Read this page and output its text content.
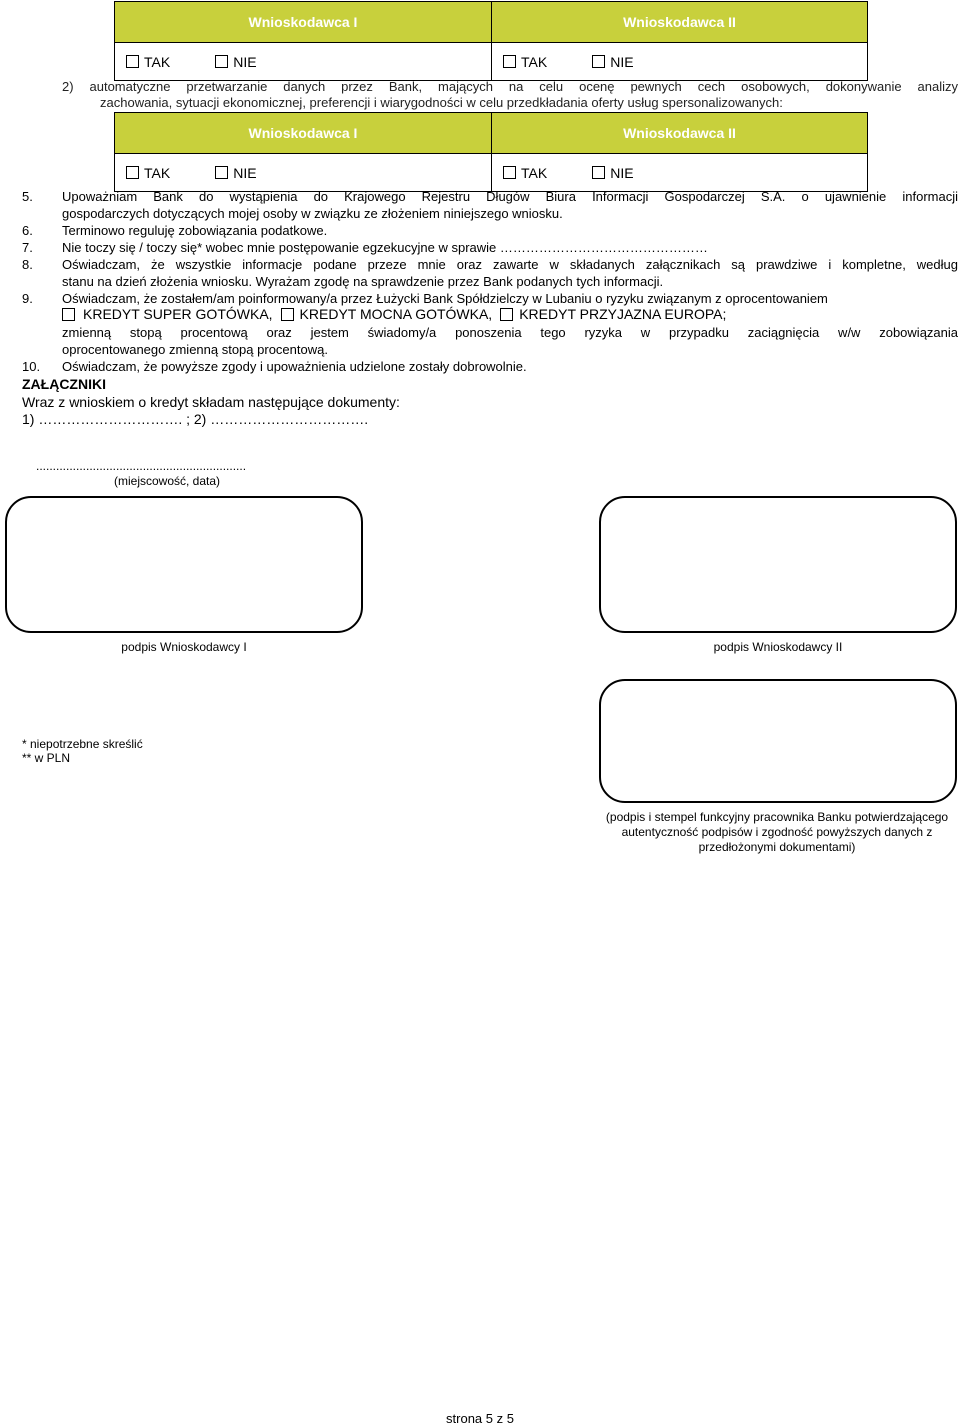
Wnioskodawca I	Wnioskodawca II
TAK	NIE	TAK	NIE
2) automatyczne przetwarzanie danych przez Bank, mających na celu ocenę pewnych cech osobowych, dokonywanie analizy
zachowania, sytuacji ekonomicznej, preferencji i wiarygodności w celu przedkładania oferty usług spersonalizowanych:
Wnioskodawca I	Wnioskodawca II
TAK	NIE	TAK	NIE
5. Upoważniam Bank do wystąpienia do Krajowego Rejestru Długów Biura Informacji Gospodarczej S.A. o ujawnienie informacji
gospodarczych dotyczących mojej osoby w związku ze złożeniem niniejszego wniosku.
6. Terminowo reguluję zobowiązania podatkowe.
7. Nie toczy się / toczy się* wobec mnie postępowanie egzekucyjne w sprawie …………………………………………
8. Oświadczam, że wszystkie informacje podane przeze mnie oraz zawarte w składanych załącznikach są prawdziwe i kompletne, według
stanu na dzień złożenia wniosku. Wyrażam zgodę na sprawdzenie przez Bank podanych tych informacji.
9. Oświadczam, że zostałem/am poinformowany/a przez Łużycki Bank Spółdzielczy w Lubaniu o ryzyku związanym z oprocentowaniem
KREDYT SUPER GOTÓWKA, KREDYT MOCNA GOTÓWKA, KREDYT PRZYJAZNA EUROPA;
zmienną stopą procentową oraz jestem świadomy/a ponoszenia tego ryzyka w przypadku zaciągnięcia w/w zobowiązania
oprocentowanego zmienną stopą procentową.
10. Oświadczam, że powyższe zgody i upoważnienia udzielone zostały dobrowolnie.
ZAŁĄCZNIKI
Wraz z wnioskiem o kredyt składam następujące dokumenty:
1) …………………………. ; 2) …………………………….
...............................................................
(miejscowość, data)
podpis Wnioskodawcy I	podpis Wnioskodawcy II
* niepotrzebne skreślić
** w PLN
(podpis i stempel funkcyjny pracownika Banku potwierdzającego
autentyczność podpisów i zgodność powyższych danych z
przedłożonymi dokumentami)
strona 5 z 5
